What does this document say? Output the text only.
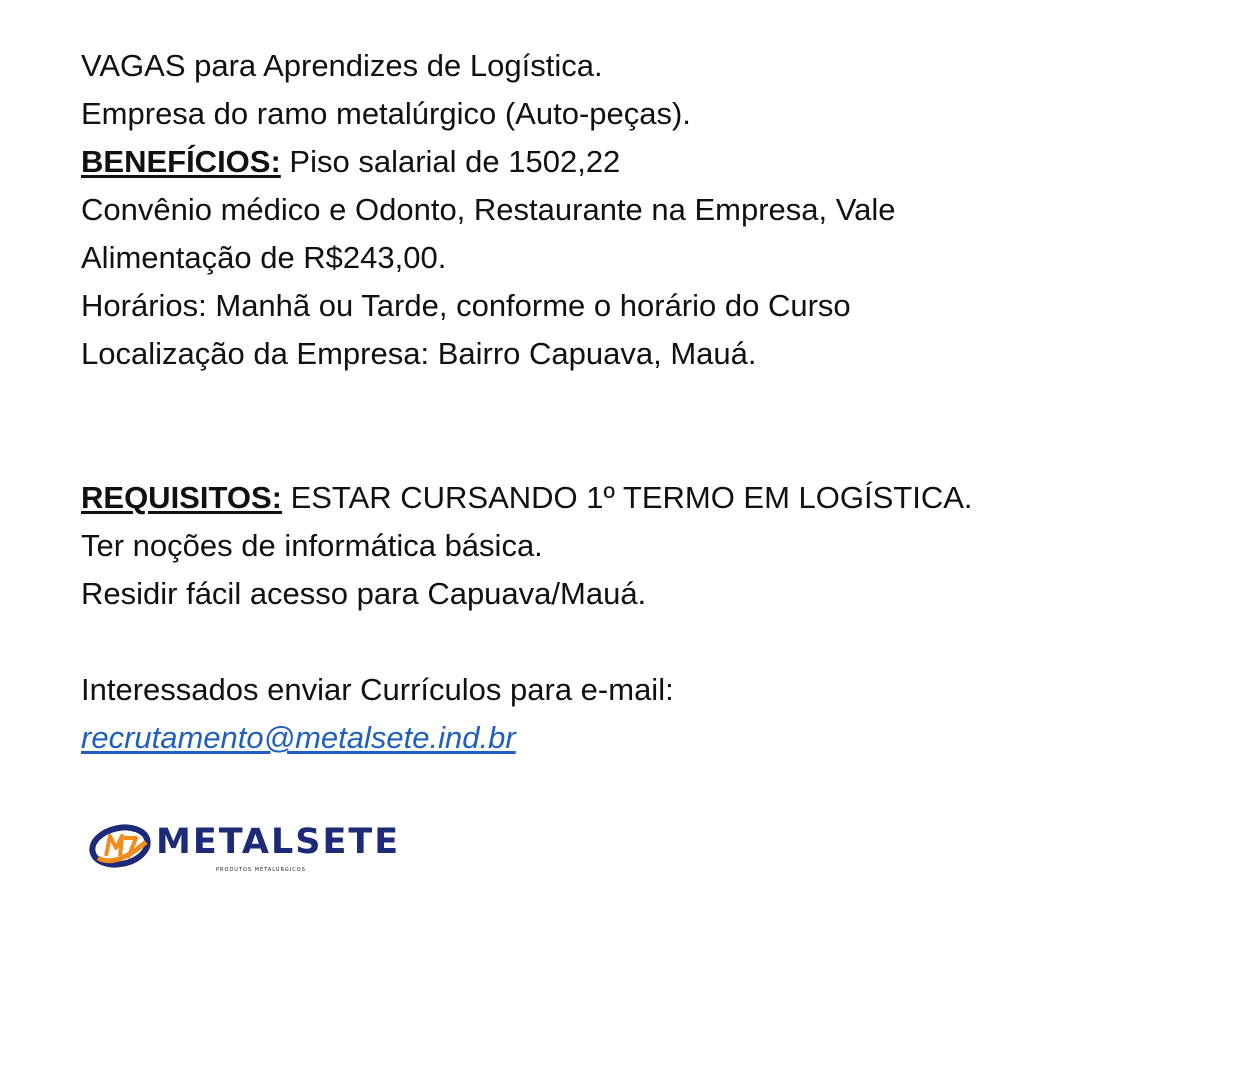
VAGAS para Aprendizes de Logística.
Empresa do ramo metalúrgico (Auto-peças).
BENEFÍCIOS: Piso salarial de 1502,22
Convênio médico e Odonto, Restaurante na Empresa, Vale
Alimentação de R$243,00.
Horários: Manhã ou Tarde, conforme o horário do Curso
Localização da Empresa: Bairro Capuava, Mauá.
REQUISITOS: ESTAR CURSANDO 1º TERMO EM LOGÍSTICA.
Ter noções de informática básica.
Residir fácil acesso para Capuava/Mauá.
Interessados enviar Currículos para e-mail:
recrutamento@metalsete.ind.br
METALSETE
PRODUTOS METALÚRGICOS
